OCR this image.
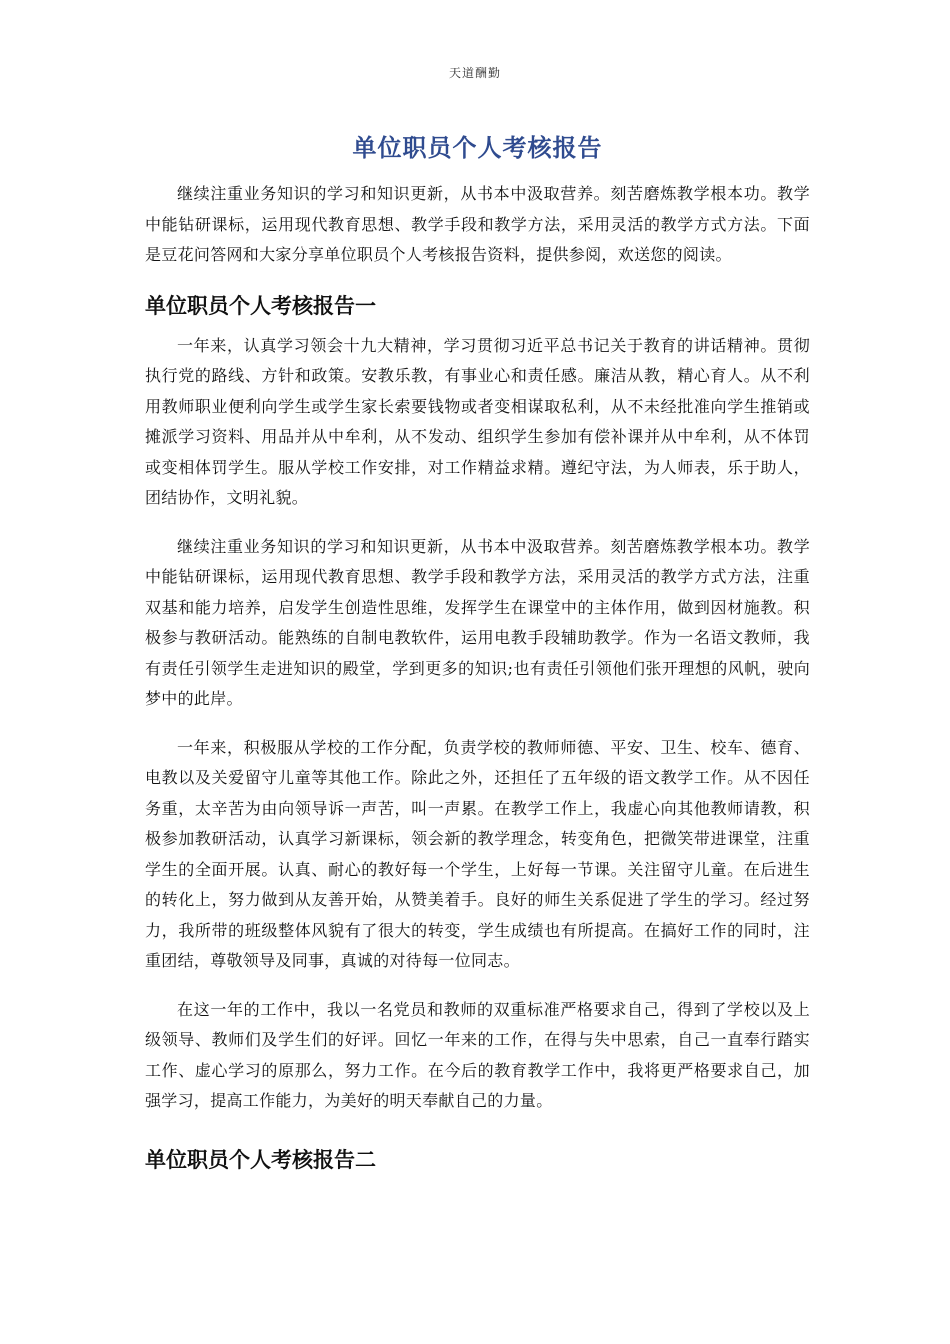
天道酬勤
单位职员个人考核报告

继续注重业务知识的学习和知识更新，从书本中汲取营养。刻苦磨炼教学根本功。教学中能钻研课标，运用现代教育思想、教学手段和教学方法，采用灵活的教学方式方法。下面是豆花问答网和大家分享单位职员个人考核报告资料，提供参阅，欢送您的阅读。

单位职员个人考核报告一

一年来，认真学习领会十九大精神，学习贯彻习近平总书记关于教育的讲话精神。贯彻执行党的路线、方针和政策。安教乐教，有事业心和责任感。廉洁从教，精心育人。从不利用教师职业便利向学生或学生家长索要钱物或者变相谋取私利，从不未经批准向学生推销或摊派学习资料、用品并从中牟利，从不发动、组织学生参加有偿补课并从中牟利，从不体罚或变相体罚学生。服从学校工作安排，对工作精益求精。遵纪守法，为人师表，乐于助人，团结协作，文明礼貌。

继续注重业务知识的学习和知识更新，从书本中汲取营养。刻苦磨炼教学根本功。教学中能钻研课标，运用现代教育思想、教学手段和教学方法，采用灵活的教学方式方法，注重双基和能力培养，启发学生创造性思维，发挥学生在课堂中的主体作用，做到因材施教。积极参与教研活动。能熟练的自制电教软件，运用电教手段辅助教学。作为一名语文教师，我有责任引领学生走进知识的殿堂，学到更多的知识;也有责任引领他们张开理想的风帆，驶向梦中的此岸。

一年来，积极服从学校的工作分配，负责学校的教师师德、平安、卫生、校车、德育、电教以及关爱留守儿童等其他工作。除此之外，还担任了五年级的语文教学工作。从不因任务重，太辛苦为由向领导诉一声苦，叫一声累。在教学工作上，我虚心向其他教师请教，积极参加教研活动，认真学习新课标，领会新的教学理念，转变角色，把微笑带进课堂，注重学生的全面开展。认真、耐心的教好每一个学生，上好每一节课。关注留守儿童。在后进生的转化上，努力做到从友善开始，从赞美着手。良好的师生关系促进了学生的学习。经过努力，我所带的班级整体风貌有了很大的转变，学生成绩也有所提高。在搞好工作的同时，注重团结，尊敬领导及同事，真诚的对待每一位同志。

在这一年的工作中，我以一名党员和教师的双重标准严格要求自己，得到了学校以及上级领导、教师们及学生们的好评。回忆一年来的工作，在得与失中思索，自己一直奉行踏实工作、虚心学习的原那么，努力工作。在今后的教育教学工作中，我将更严格要求自己，加强学习，提高工作能力，为美好的明天奉献自己的力量。

单位职员个人考核报告二
